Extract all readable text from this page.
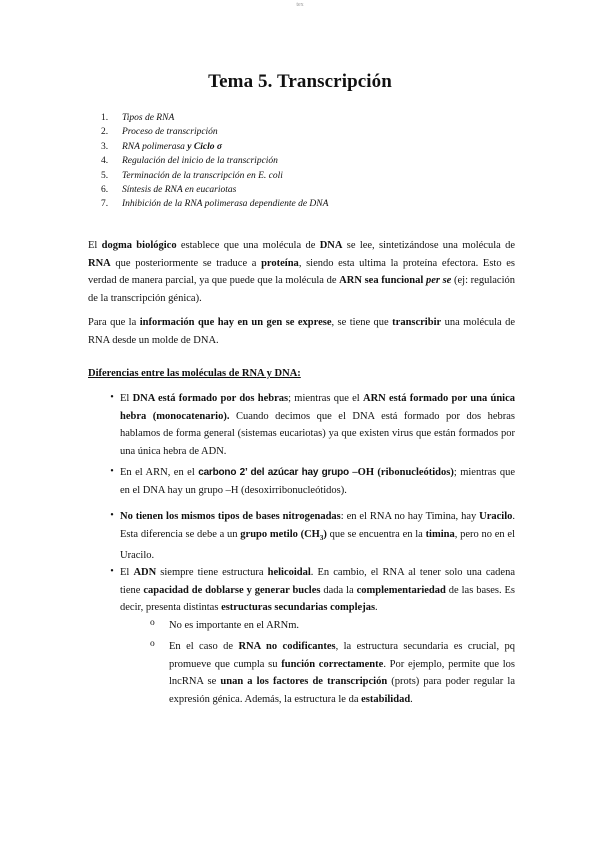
tex
Tema 5. Transcripción
1. Tipos de RNA
2. Proceso de transcripción
3. RNA polimerasa y Ciclo σ
4. Regulación del inicio de la transcripción
5. Terminación de la transcripción en E. coli
6. Síntesis de RNA en eucariotas
7. Inhibición de la RNA polimerasa dependiente de DNA

El dogma biológico establece que una molécula de DNA se lee, sintetizándose una molécula de RNA que posteriormente se traduce a proteína, siendo esta ultima la proteína efectora. Esto es verdad de manera parcial, ya que puede que la molécula de ARN sea funcional per se (ej: regulación de la transcripción génica).

Para que la información que hay en un gen se exprese, se tiene que transcribir una molécula de RNA desde un molde de DNA.

Diferencias entre las moléculas de RNA y DNA:
• El DNA está formado por dos hebras; mientras que el ARN está formado por una única hebra (monocatenario). Cuando decimos que el DNA está formado por dos hebras hablamos de forma general (sistemas eucariotas) ya que existen virus que están formados por una única hebra de ADN.

• En el ARN, en el carbono 2’ del azúcar hay grupo –OH (ribonucleótidos); mientras que en el DNA hay un grupo –H (desoxirribonucleótidos).

• No tienen los mismos tipos de bases nitrogenadas: en el RNA no hay Timina, hay Uracilo. Esta diferencia se debe a un grupo metilo $(CH_3)$ que se encuentra en la timina, pero no en el Uracilo.

• El ADN siempre tiene estructura helicoidal. En cambio, el RNA al tener solo una cadena tiene capacidad de doblarse y generar bucles dada la complementariedad de las bases. Es decir, presenta distintas estructuras secundarias complejas.

o No es importante en el ARNm.

o En el caso de RNA no codificantes, la estructura secundaria es crucial, pq promueve que cumpla su función correctamente. Por ejemplo, permite que los lncRNA se unan a los factores de transcripción (prots) para poder regular la expresión génica. Además, la estructura le da estabilidad.
